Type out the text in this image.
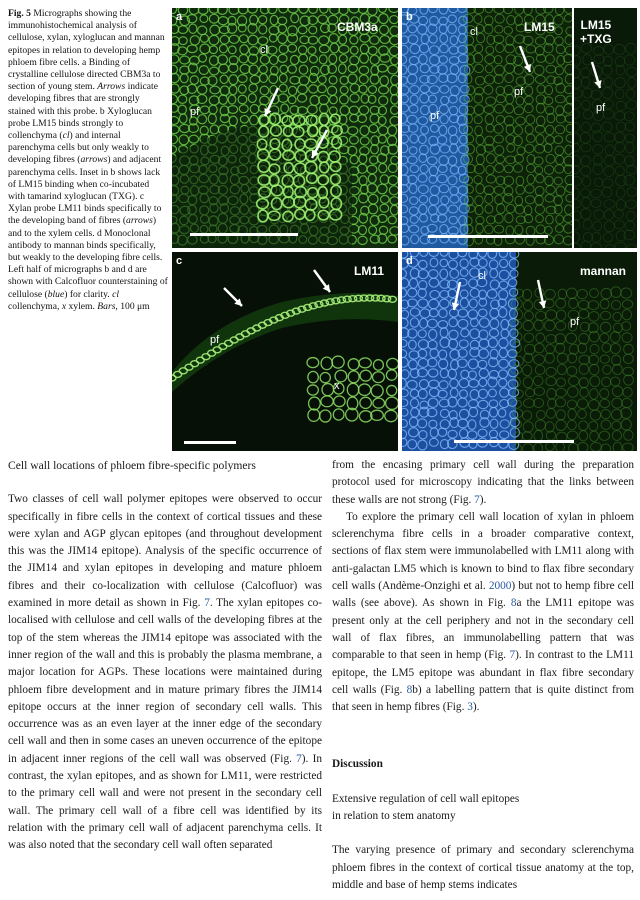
Fig. 5 Micrographs showing the immunohistochemical analysis of cellulose, xylan, xyloglucan and mannan epitopes in relation to developing hemp phloem fibre cells. a Binding of crystalline cellulose directed CBM3a to section of young stem. Arrows indicate developing fibres that are strongly stained with this probe. b Xyloglucan probe LM15 binds strongly to collenchyma (cl) and internal parenchyma cells but only weakly to developing fibres (arrows) and adjacent parenchyma cells. Inset in b shows lack of LM15 binding when co-incubated with tamarind xyloglucan (TXG). c Xylan probe LM11 binds specifically to the developing band of fibres (arrows) and to the xylem cells. d Monoclonal antibody to mannan binds specifically, but weakly to the developing fibre cells. Left half of micrographs b and d are shown with Calcofluor counterstaining of cellulose (blue) for clarity. cl collenchyma, x xylem. Bars, 100 μm
a
CBM3a
cl
pf
b
LM15
cl
pf
pf
LM15
+TXG
pf
c
LM11
pf
x
d
mannan
cl
pf

Cell wall locations of phloem fibre-specific polymers

Two classes of cell wall polymer epitopes were observed to occur specifically in fibre cells in the context of cortical tissues and these were xylan and AGP glycan epitopes (and throughout development this was the JIM14 epitope). Analysis of the specific occurrence of the JIM14 and xylan epitopes in developing and mature phloem fibres and their co-localization with cellulose (Calcofluor) was examined in more detail as shown in Fig. 7. The xylan epitopes co-localised with cellulose and cell walls of the developing fibres at the top of the stem whereas the JIM14 epitope was associated with the inner region of the wall and this is probably the plasma membrane, a major location for AGPs. These locations were maintained during phloem fibre development and in mature primary fibres the JIM14 epitope occurs at the inner region of secondary cell walls. This occurrence was as an even layer at the inner edge of the secondary cell wall and then in some cases an uneven occurrence of the epitope in adjacent inner regions of the cell wall was observed (Fig. 7). In contrast, the xylan epitopes, and as shown for LM11, were restricted to the primary cell wall and were not present in the secondary cell wall. The primary cell wall of a fibre cell was identified by its relation with the primary cell wall of adjacent parenchyma cells. It was also noted that the secondary cell wall often separated

from the encasing primary cell wall during the preparation protocol used for microscopy indicating that the links between these walls are not strong (Fig. 7).

To explore the primary cell wall location of xylan in phloem sclerenchyma fibre cells in a broader comparative context, sections of flax stem were immunolabelled with LM11 along with anti-galactan LM5 which is known to bind to flax fibre secondary cell walls (Andème-Onzighi et al. 2000) but not to hemp fibre cell walls (see above). As shown in Fig. 8a the LM11 epitope was present only at the cell periphery and not in the secondary cell wall of flax fibres, an immunolabelling pattern that was comparable to that seen in hemp (Fig. 7). In contrast to the LM11 epitope, the LM5 epitope was abundant in flax fibre secondary cell walls (Fig. 8b) a labelling pattern that is quite distinct from that seen in hemp fibres (Fig. 3).

Discussion

Extensive regulation of cell wall epitopes
in relation to stem anatomy

The varying presence of primary and secondary sclerenchyma phloem fibres in the context of cortical tissue anatomy at the top, middle and base of hemp stems indicates
